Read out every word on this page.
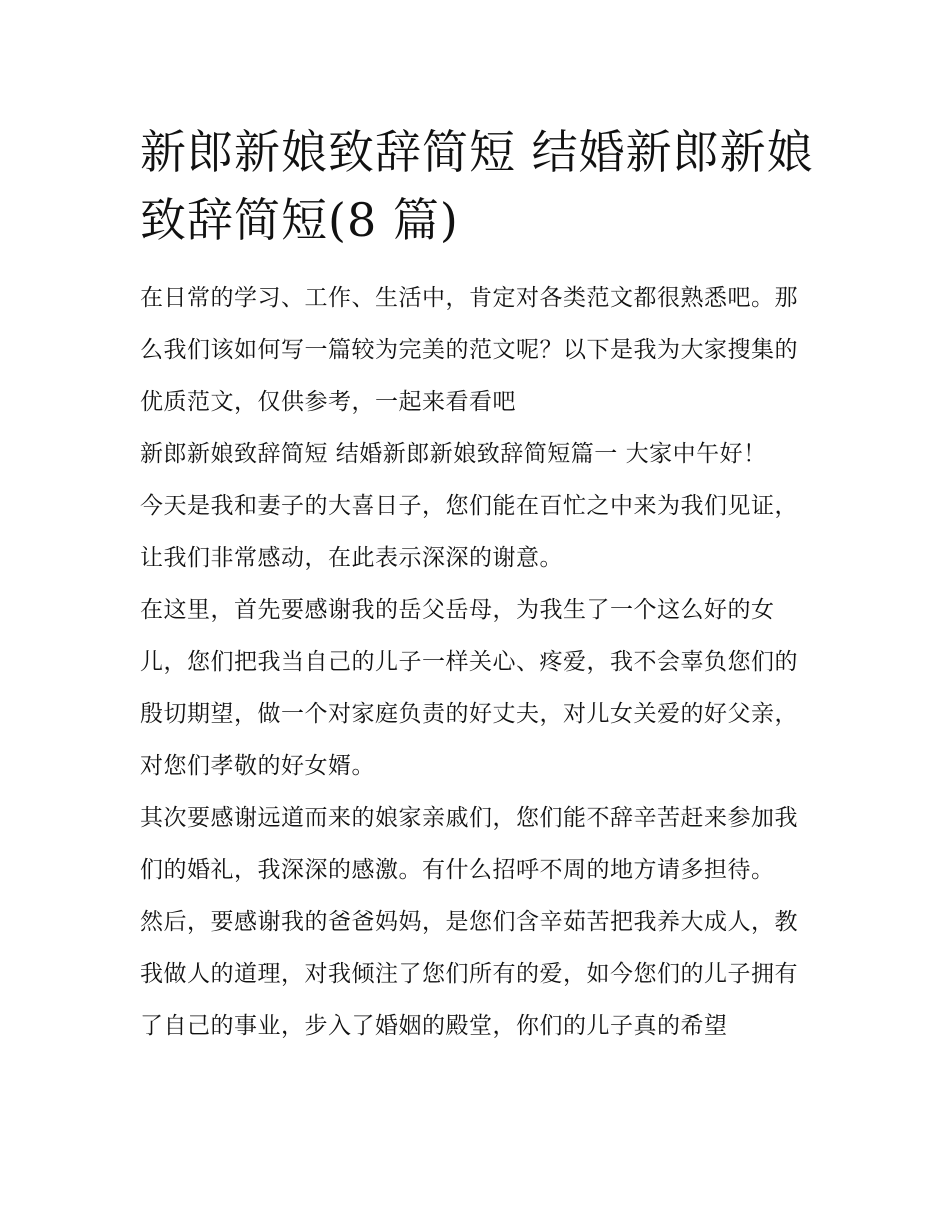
新郎新娘致辞简短 结婚新郎新娘致辞简短(8 篇)

在日常的学习、工作、生活中，肯定对各类范文都很熟悉吧。那么我们该如何写一篇较为完美的范文呢？以下是我为大家搜集的优质范文，仅供参考，一起来看看吧

新郎新娘致辞简短 结婚新郎新娘致辞简短篇一 大家中午好！

今天是我和妻子的大喜日子，您们能在百忙之中来为我们见证，让我们非常感动，在此表示深深的谢意。

在这里，首先要感谢我的岳父岳母，为我生了一个这么好的女儿，您们把我当自己的儿子一样关心、疼爱，我不会辜负您们的殷切期望，做一个对家庭负责的好丈夫，对儿女关爱的好父亲，对您们孝敬的好女婿。

其次要感谢远道而来的娘家亲戚们，您们能不辞辛苦赶来参加我们的婚礼，我深深的感激。有什么招呼不周的地方请多担待。

然后，要感谢我的爸爸妈妈，是您们含辛茹苦把我养大成人，教我做人的道理，对我倾注了您们所有的爱，如今您们的儿子拥有了自己的事业，步入了婚姻的殿堂，你们的儿子真的希望
